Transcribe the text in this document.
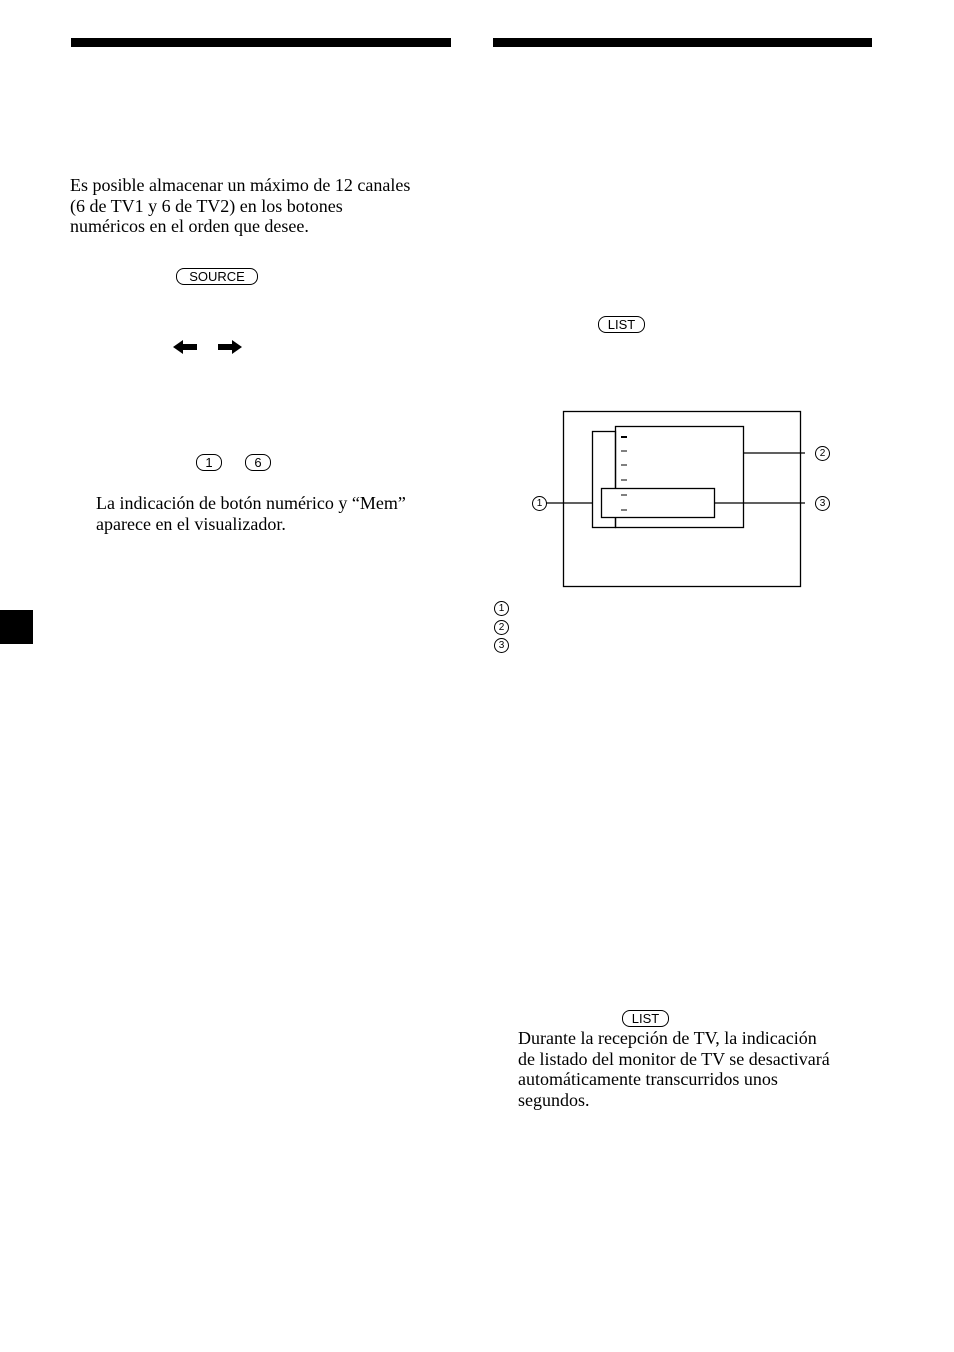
Es posible almacenar un máximo de 12 canales
(6 de TV1 y 6 de TV2) en los botones
numéricos en el orden que desee.

SOURCE
1	6

La indicación de botón numérico y “Mem”
aparece en el visualizador.

LIST
1
2
3
1
2
3
LIST

Durante la recepción de TV, la indicación
de listado del monitor de TV se desactivará
automáticamente transcurridos unos
segundos.
